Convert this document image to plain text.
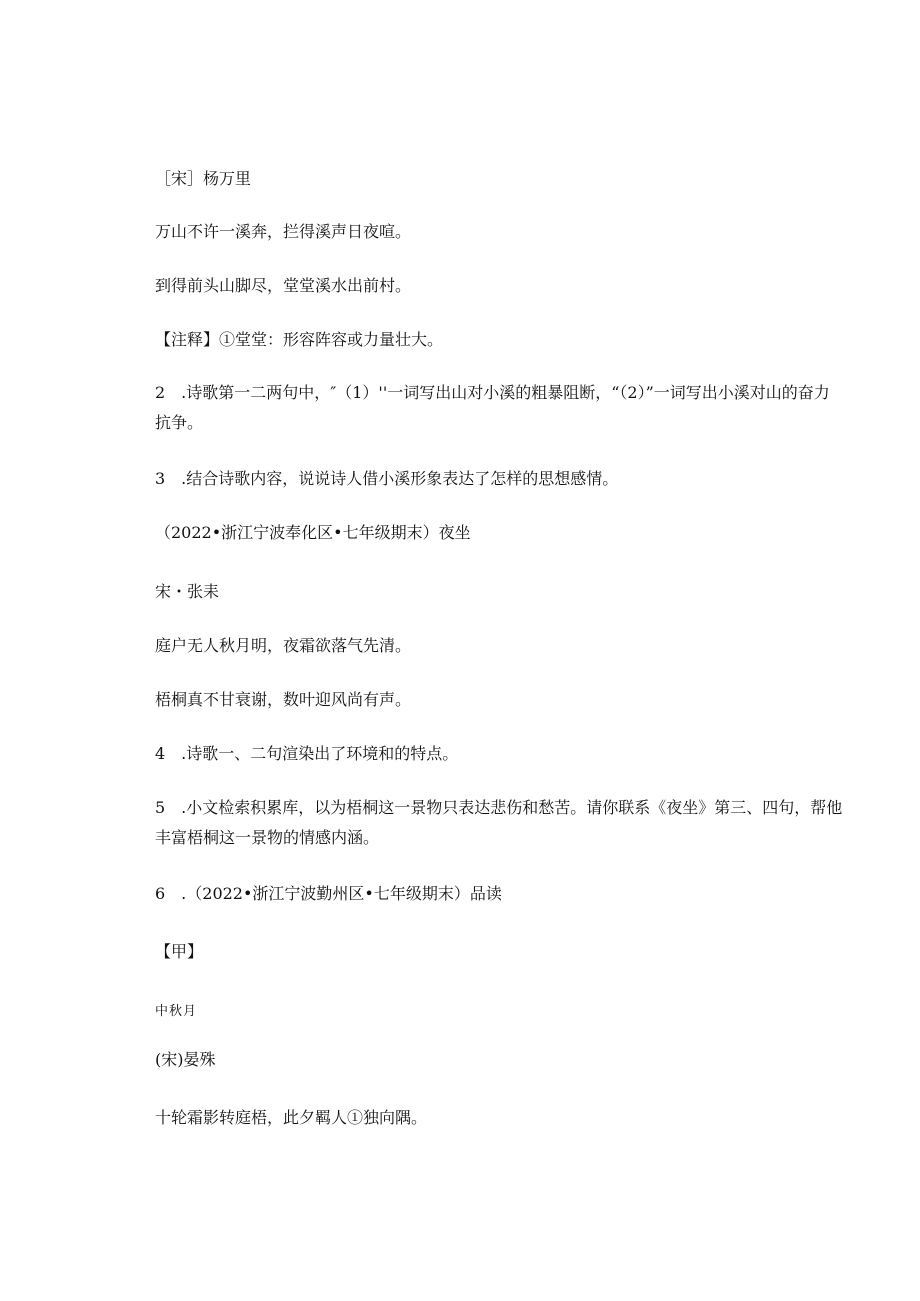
［宋］杨万里
万山不许一溪奔，拦得溪声日夜喧。
到得前头山脚尽，堂堂溪水出前村。
【注释】①堂堂：形容阵容或力量壮大。
2　.诗歌第一二两句中，″（1）''一词写出山对小溪的粗暴阻断，“（2）”一词写出小溪对山的奋力抗争。
3　.结合诗歌内容，说说诗人借小溪形象表达了怎样的思想感情。
（2022•浙江宁波奉化区•七年级期末）夜坐
宋・张耒
庭户无人秋月明，夜霜欲落气先清。
梧桐真不甘衰谢，数叶迎风尚有声。
4　.诗歌一、二句渲染出了环境和的特点。
5　.小文检索积累库，以为梧桐这一景物只表达悲伤和愁苦。请你联系《夜坐》第三、四句，帮他丰富梧桐这一景物的情感内涵。
6　.（2022•浙江宁波勤州区•七年级期末）品读
【甲】
中秋月
(宋)晏殊
十轮霜影转庭梧，此夕羁人①独向隅。
